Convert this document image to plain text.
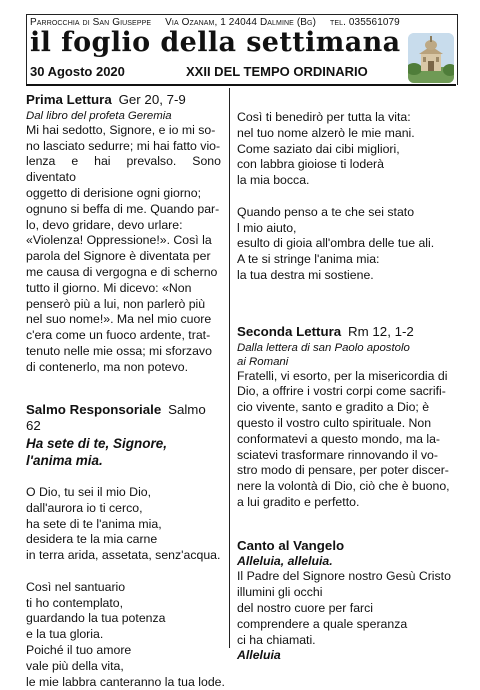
Parrocchia di San Giuseppe Via Ozanam, 1 24044 Dalmine (Bg) tel. 035561079
il foglio della settimana
30 Agosto 2020	XXII DEL TEMPO ORDINARIO
Prima Lettura Ger 20, 7-9
Dal libro del profeta Geremia
Mi hai sedotto, Signore, e io mi so-
no lasciato sedurre; mi hai fatto vio-
lenza e hai prevalso. Sono diventato
oggetto di derisione ogni giorno;
ognuno si beffa di me. Quando par-
lo, devo gridare, devo urlare:
«Violenza! Oppressione!». Così la
parola del Signore è diventata per
me causa di vergogna e di scherno
tutto il giorno. Mi dicevo: «Non
penserò più a lui, non parlerò più
nel suo nome!». Ma nel mio cuore
c'era come un fuoco ardente, trat-
tenuto nelle mie ossa; mi sforzavo
di contenerlo, ma non potevo.
Salmo Responsoriale Salmo 62
Ha sete di te, Signore,
l'anima mia.
O Dio, tu sei il mio Dio,
dall'aurora io ti cerco,
ha sete di te l'anima mia,
desidera te la mia carne
in terra arida, assetata, senz'acqua.
Così nel santuario
ti ho contemplato,
guardando la tua potenza
e la tua gloria.
Poiché il tuo amore
vale più della vita,
le mie labbra canteranno la tua lode.
Così ti benedirò per tutta la vita:
nel tuo nome alzerò le mie mani.
Come saziato dai cibi migliori,
con labbra gioiose ti loderà
la mia bocca.
Quando penso a te che sei stato
l mio aiuto,
esulto di gioia all'ombra delle tue ali.
A te si stringe l'anima mia:
la tua destra mi sostiene.
Seconda Lettura Rm 12, 1-2
Dalla lettera di san Paolo apostolo
ai Romani
Fratelli, vi esorto, per la misericordia di
Dio, a offrire i vostri corpi come sacrifi-
cio vivente, santo e gradito a Dio; è
questo il vostro culto spirituale. Non
conformatevi a questo mondo, ma la-
sciatevi trasformare rinnovando il vo-
stro modo di pensare, per poter discer-
nere la volontà di Dio, ciò che è buono,
a lui gradito e perfetto.
Canto al Vangelo
Alleluia, alleluia.
Il Padre del Signore nostro Gesù Cristo
illumini gli occhi
del nostro cuore per farci
comprendere a quale speranza
ci ha chiamati.
Alleluia
